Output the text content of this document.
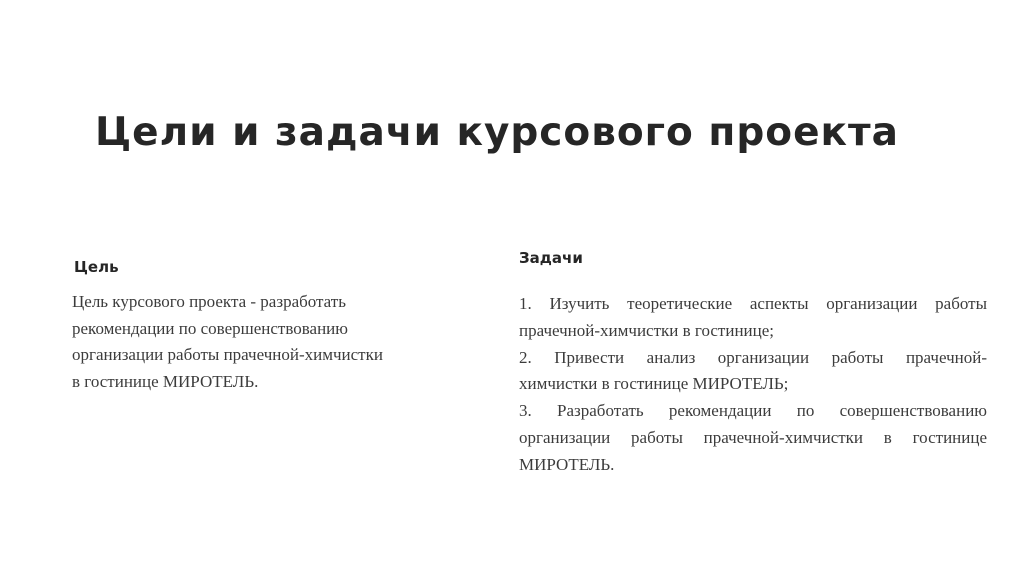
Цели и задачи курсового проекта
Цель
Цель курсового проекта - разработать
рекомендации по совершенствованию
организации работы прачечной-химчистки
в гостинице МИРОТЕЛЬ.
Задачи
1. Изучить теоретические аспекты организации работы
прачечной-химчистки в гостинице;
2. Привести анализ организации работы прачечной-
химчистки в гостинице МИРОТЕЛЬ;
3. Разработать рекомендации по совершенствованию
организации работы прачечной-химчистки в гостинице
МИРОТЕЛЬ.
